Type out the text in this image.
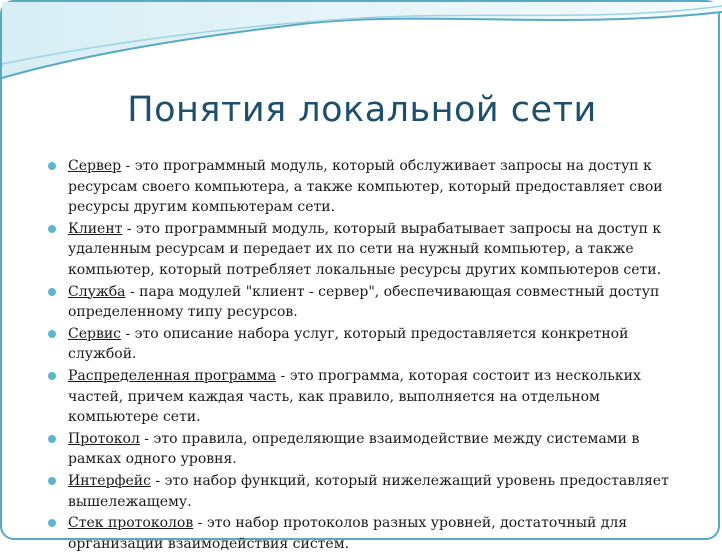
Понятия локальной сети
Сервер - это программный модуль, который обслуживает запросы на доступ к ресурсам своего компьютера, а также компьютер, который предоставляет свои ресурсы другим компьютерам сети.
Клиент - это программный модуль, который вырабатывает запросы на доступ к удаленным ресурсам и передает их по сети на нужный компьютер, а также компьютер, который потребляет локальные ресурсы других компьютеров сети.
Служба - пара модулей "клиент - сервер", обеспечивающая совместный доступ определенному типу ресурсов.
Сервис - это описание набора услуг, который предоставляется конкретной службой.
Распределенная программа - это программа, которая состоит из нескольких частей, причем каждая часть, как правило, выполняется на отдельном компьютере сети.
Протокол - это правила, определяющие взаимодействие между системами в рамках одного уровня.
Интерфейс - это набор функций, который нижележащий уровень предоставляет вышележащему.
Стек протоколов - это набор протоколов разных уровней, достаточный для организации взаимодействия систем.
